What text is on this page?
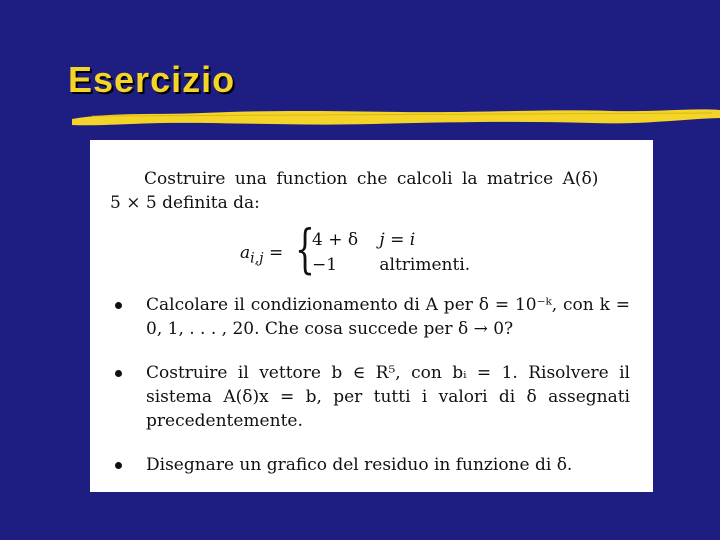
Esercizio
Costruire una function che calcoli la matrice A(δ)
5 × 5 definita da:
$a_{i,j}$ = {
4 + δ j = i
−1 altrimenti.
Calcolare il condizionamento di A per δ = 10⁻ᵏ, con k = 0, 1, . . . , 20. Che cosa succede per δ → 0?
Costruire il vettore b ∈ R⁵, con bᵢ = 1. Risolvere il sistema A(δ)x = b, per tutti i valori di δ assegnati precedentemente.
Disegnare un grafico del residuo in funzione di δ.
